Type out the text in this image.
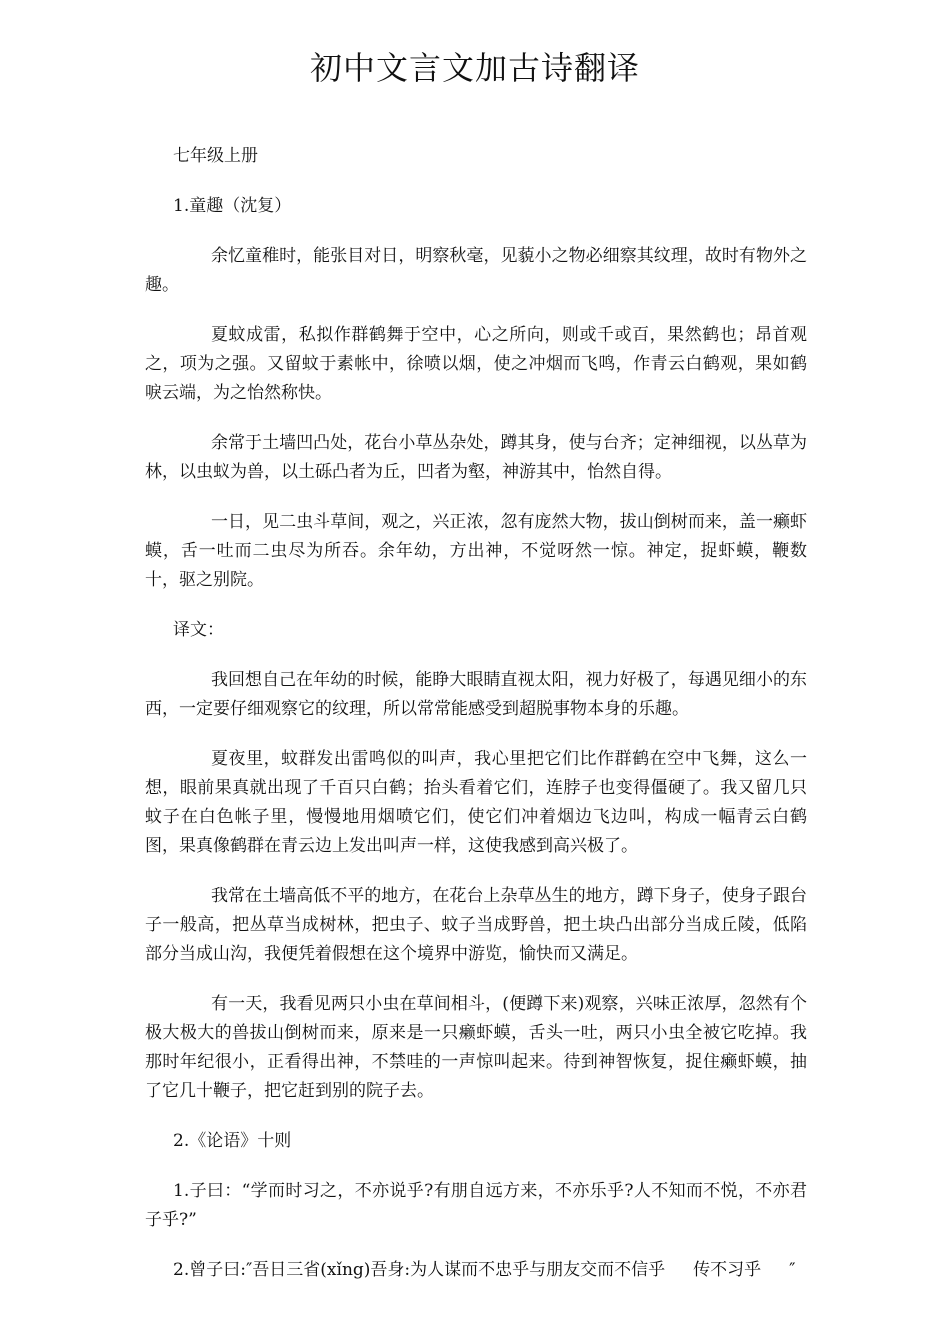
初中文言文加古诗翻译

七年级上册

1.童趣（沈复）

余忆童稚时，能张目对日，明察秋毫，见藐小之物必细察其纹理，故时有物外之趣。

夏蚊成雷，私拟作群鹤舞于空中，心之所向，则或千或百，果然鹤也；昂首观之，项为之强。又留蚊于素帐中，徐喷以烟，使之冲烟而飞鸣，作青云白鹤观，果如鹤唳云端，为之怡然称快。

余常于土墙凹凸处，花台小草丛杂处，蹲其身，使与台齐；定神细视，以丛草为林，以虫蚁为兽，以土砾凸者为丘，凹者为壑，神游其中，怡然自得。

一日，见二虫斗草间，观之，兴正浓，忽有庞然大物，拔山倒树而来，盖一癞虾蟆，舌一吐而二虫尽为所吞。余年幼，方出神，不觉呀然一惊。神定，捉虾蟆，鞭数十，驱之别院。

译文：

我回想自己在年幼的时候，能睁大眼睛直视太阳，视力好极了，每遇见细小的东西，一定要仔细观察它的纹理，所以常常能感受到超脱事物本身的乐趣。

夏夜里，蚊群发出雷鸣似的叫声，我心里把它们比作群鹤在空中飞舞，这么一想，眼前果真就出现了千百只白鹤；抬头看着它们，连脖子也变得僵硬了。我又留几只蚊子在白色帐子里，慢慢地用烟喷它们，使它们冲着烟边飞边叫，构成一幅青云白鹤图，果真像鹤群在青云边上发出叫声一样，这使我感到高兴极了。

我常在土墙高低不平的地方，在花台上杂草丛生的地方，蹲下身子，使身子跟台子一般高，把丛草当成树林，把虫子、蚊子当成野兽，把土块凸出部分当成丘陵，低陷部分当成山沟，我便凭着假想在这个境界中游览，愉快而又满足。

有一天，我看见两只小虫在草间相斗，(便蹲下来)观察，兴味正浓厚，忽然有个极大极大的兽拔山倒树而来，原来是一只癞虾蟆，舌头一吐，两只小虫全被它吃掉。我那时年纪很小，正看得出神，不禁哇的一声惊叫起来。待到神智恢复，捉住癞虾蟆，抽了它几十鞭子，把它赶到别的院子去。

2.《论语》十则

1.子曰：“学而时习之，不亦说乎?有朋自远方来，不亦乐乎?人不知而不悦，不亦君子乎?”

2.曾子曰:″吾日三省(xǐng)吾身:为人谋而不忠乎与朋友交而不信乎 传不习乎 ″
